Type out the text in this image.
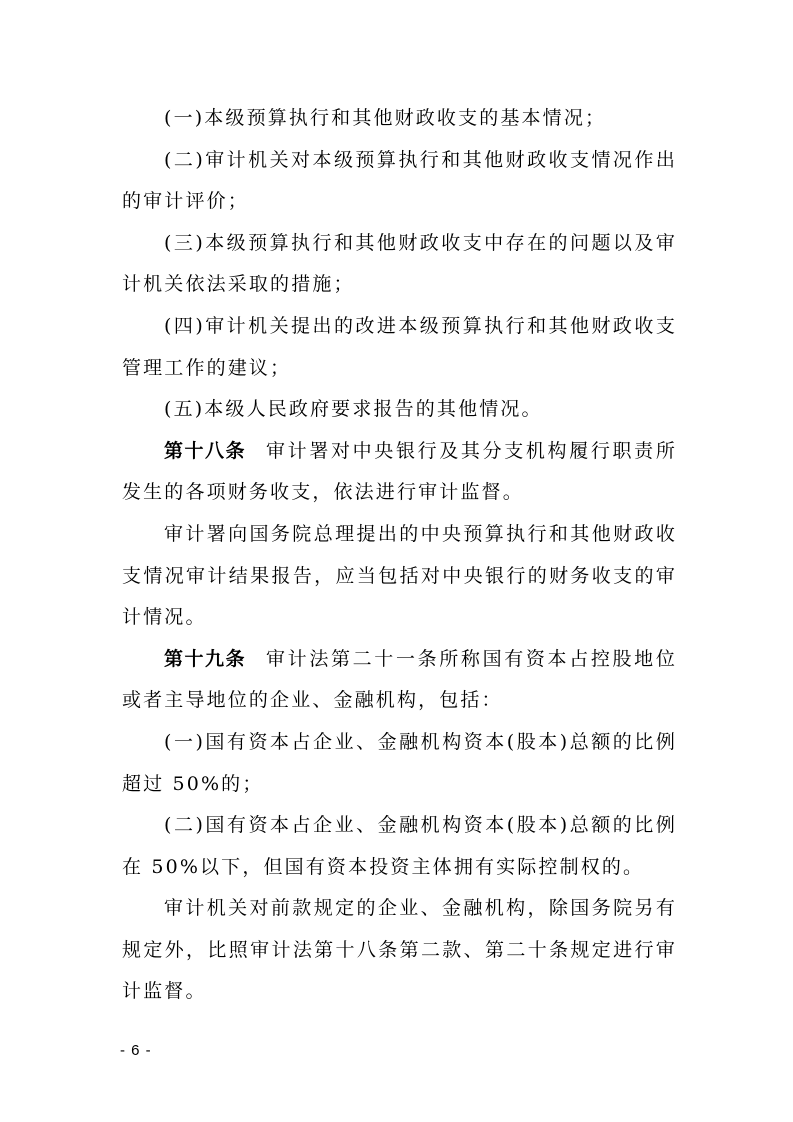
(一)本级预算执行和其他财政收支的基本情况；

(二)审计机关对本级预算执行和其他财政收支情况作出的审计评价；

(三)本级预算执行和其他财政收支中存在的问题以及审计机关依法采取的措施；

(四)审计机关提出的改进本级预算执行和其他财政收支管理工作的建议；

(五)本级人民政府要求报告的其他情况。

第十八条 审计署对中央银行及其分支机构履行职责所发生的各项财务收支，依法进行审计监督。

审计署向国务院总理提出的中央预算执行和其他财政收支情况审计结果报告，应当包括对中央银行的财务收支的审计情况。

第十九条 审计法第二十一条所称国有资本占控股地位或者主导地位的企业、金融机构，包括：

(一)国有资本占企业、金融机构资本(股本)总额的比例超过 50%的；

(二)国有资本占企业、金融机构资本(股本)总额的比例在 50%以下，但国有资本投资主体拥有实际控制权的。

审计机关对前款规定的企业、金融机构，除国务院另有规定外，比照审计法第十八条第二款、第二十条规定进行审计监督。

- 6 -
